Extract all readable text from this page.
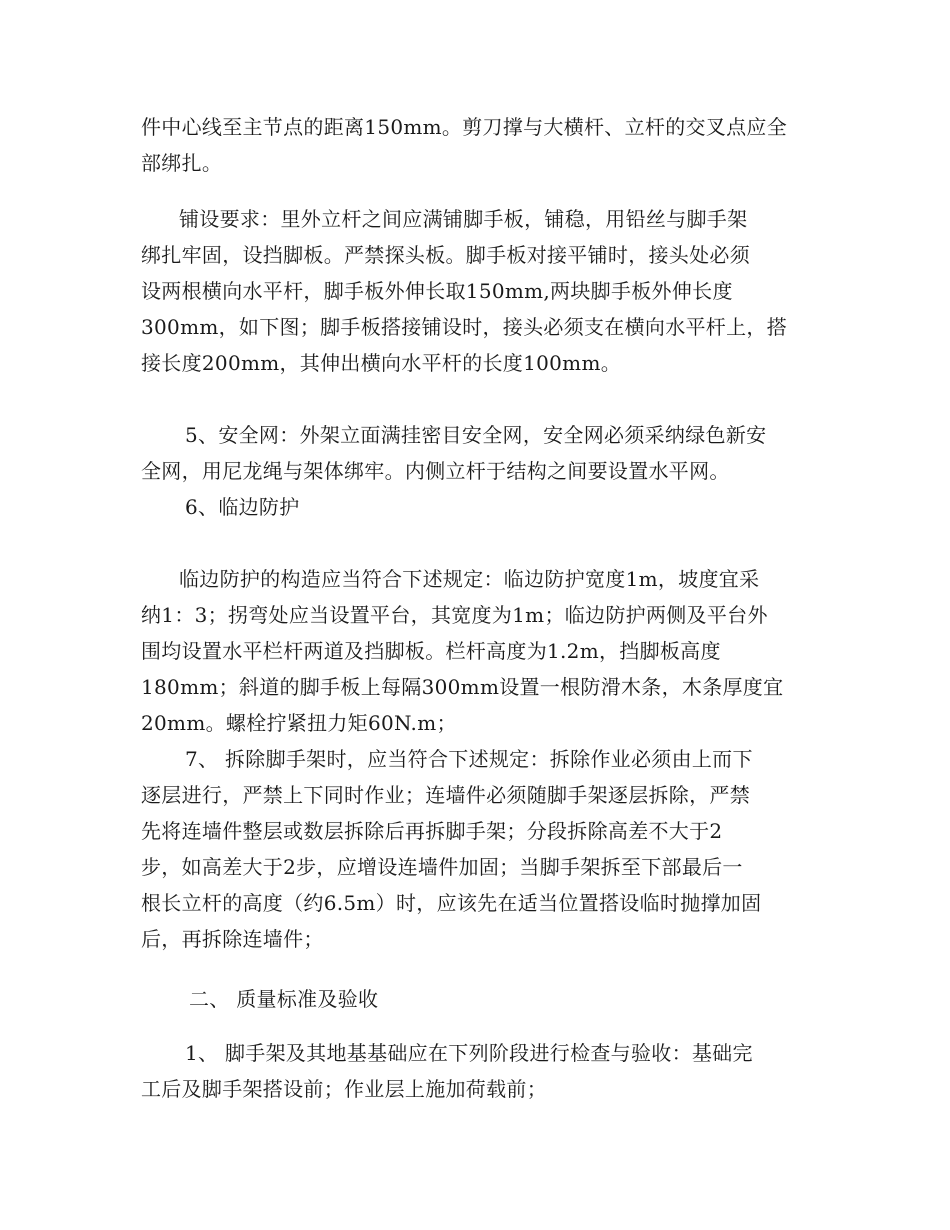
件中心线至主节点的距离150mm。剪刀撑与大横杆、立杆的交叉点应全
部绑扎。
铺设要求：里外立杆之间应满铺脚手板，铺稳，用铅丝与脚手架
绑扎牢固，设挡脚板。严禁探头板。脚手板对接平铺时，接头处必须
设两根横向水平杆，脚手板外伸长取150mm,两块脚手板外伸长度
300mm，如下图；脚手板搭接铺设时，接头必须支在横向水平杆上，搭
接长度200mm，其伸出横向水平杆的长度100mm。
5、安全网：外架立面满挂密目安全网，安全网必须采纳绿色新安
全网，用尼龙绳与架体绑牢。内侧立杆于结构之间要设置水平网。
6、临边防护
临边防护的构造应当符合下述规定：临边防护宽度1m，坡度宜采
纳1：3；拐弯处应当设置平台，其宽度为1m；临边防护两侧及平台外
围均设置水平栏杆两道及挡脚板。栏杆高度为1.2m，挡脚板高度
180mm；斜道的脚手板上每隔300mm设置一根防滑木条，木条厚度宜
20mm。螺栓拧紧扭力矩60N.m；
7、 拆除脚手架时，应当符合下述规定：拆除作业必须由上而下
逐层进行，严禁上下同时作业；连墙件必须随脚手架逐层拆除，严禁
先将连墙件整层或数层拆除后再拆脚手架；分段拆除高差不大于2
步，如高差大于2步，应增设连墙件加固；当脚手架拆至下部最后一
根长立杆的高度（约6.5m）时，应该先在适当位置搭设临时抛撑加固
后，再拆除连墙件；
二、 质量标准及验收
1、 脚手架及其地基基础应在下列阶段进行检查与验收：基础完
工后及脚手架搭设前；作业层上施加荷载前；
